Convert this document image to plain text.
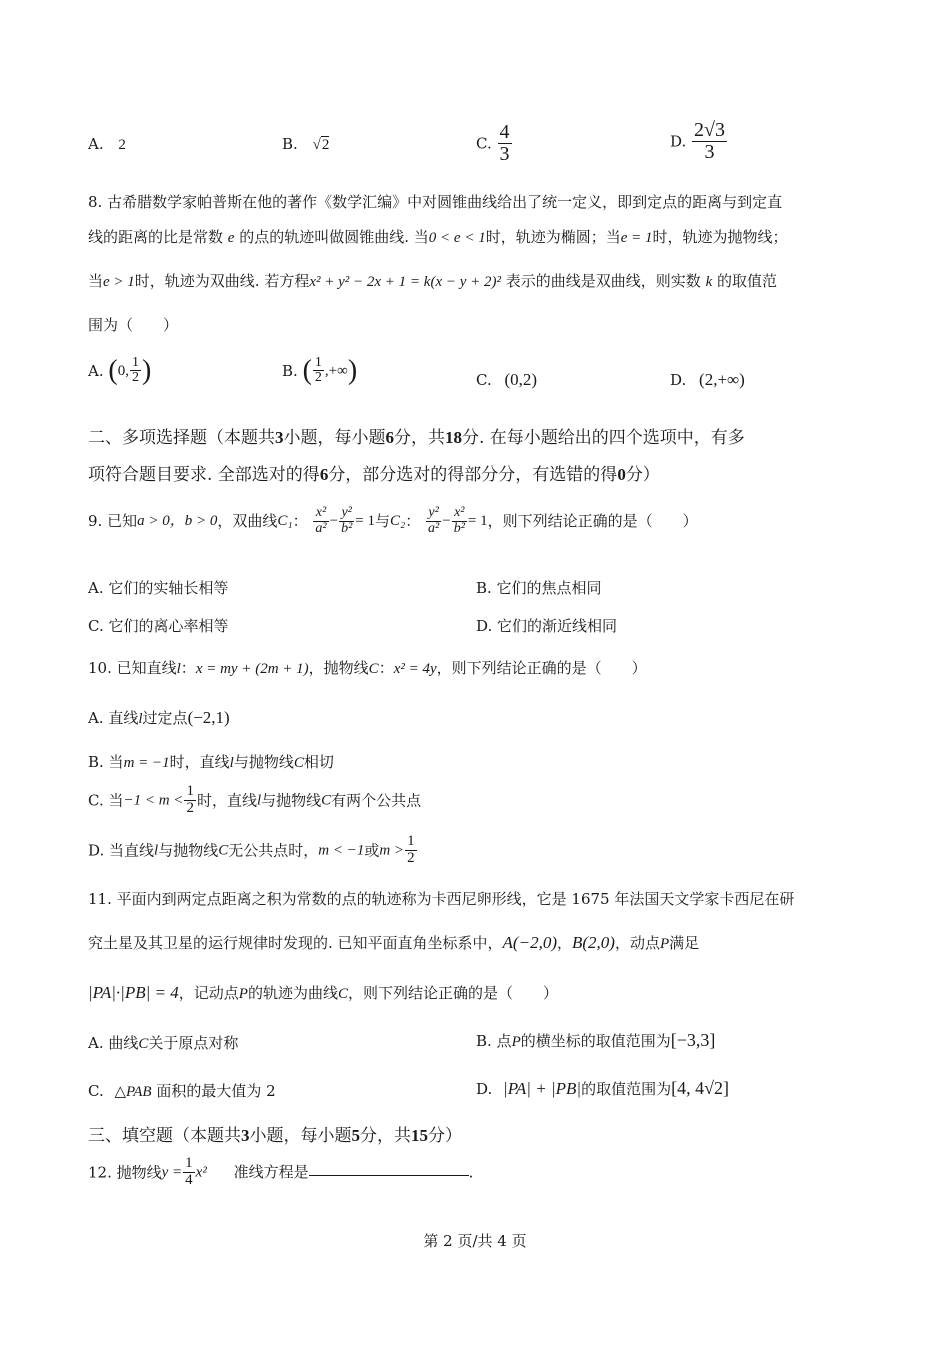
A. 2	B. √2	C. $\frac{4}{3}$	D. $\frac{2√3}{3}$
8. 古希腊数学家帕普斯在他的著作《数学汇编》中对圆锥曲线给出了统一定义，即到定点的距离与到定直
线的距离的比是常数 e 的点的轨迹叫做圆锥曲线. 当0 < e < 1时，轨迹为椭圆；当e = 1时，轨迹为抛物线；
当e > 1时，轨迹为双曲线. 若方程x² + y² − 2x + 1 = k(x − y + 2)² 表示的曲线是双曲线，则实数 k 的取值范
围为（　　）
A. (0, $\frac{1}{2}$ )	B. ( $\frac{1}{2}$ ,+∞)	C. (0,2)	D. (2,+∞)
二、多项选择题（本题共3小题，每小题6分，共18分. 在每小题给出的四个选项中，有多
项符合题目要求. 全部选对的得6分，部分选对的得部分分，有选错的得0分）
9. 已知a > 0，b > 0，双曲线C₁： $\frac{\text{x²}}{\text{a²}} - \frac{\text{y²}}{\text{b²}} = 1$与C₂： $\frac{\text{y²}}{\text{a²}} - \frac{\text{x²}}{\text{b²}} = 1$，则下列结论正确的是（　　）
A. 它们的实轴长相等	B. 它们的焦点相同
C. 它们的离心率相等	D. 它们的渐近线相同
10. 已知直线l：x = my + (2m + 1)，抛物线C：x² = 4y，则下列结论正确的是（　　）
A. 直线l过定点(−2,1)
B. 当m = −1时，直线l与抛物线C相切
C. 当$-1 < m < \frac{1}{2}$ 时，直线l与抛物线C有两个公共点
D. 当直线l与抛物线C无公共点时，m < −1或$m > \frac{1}{2}$
11. 平面内到两定点距离之积为常数的点的轨迹称为卡西尼卵形线，它是 1675 年法国天文学家卡西尼在研
究土星及其卫星的运行规律时发现的. 已知平面直角坐标系中，A(−2,0)，B(2,0)，动点P满足
|PA|·|PB| = 4，记动点P的轨迹为曲线C，则下列结论正确的是（　　）
A. 曲线C关于原点对称	B. 点P的横坐标的取值范围为[−3,3]
C. △PAB 面积的最大值为 2	D. |PA| + |PB|的取值范围为[4, 4√2]
三、填空题（本题共3小题，每小题5分，共15分）
12. 抛物线$y = \frac{1}{4} x^2$ 准线方程是	.
第 2 页/共 4 页
